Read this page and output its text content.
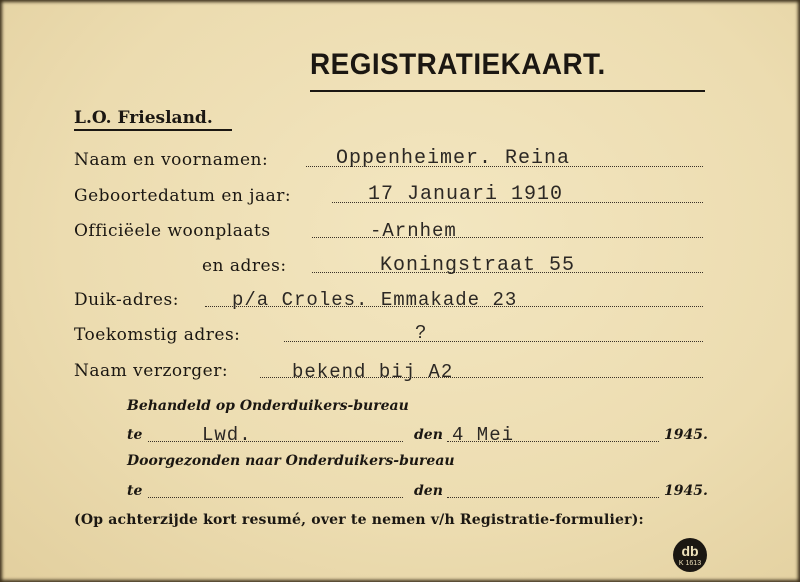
REGISTRATIEKAART.
L.O. Friesland.
Naam en voornamen:	Oppenheimer. Reina
Geboortedatum en jaar:	17 Januari 1910
Officiëele woonplaats	-Arnhem
en adres:	Koningstraat 55
Duik-adres:	p/a Croles. Emmakade 23
Toekomstig adres:	?
Naam verzorger:	bekend bij A2
Behandeld op Onderduikers-bureau
te	Lwd.	den 4 Mei	1945.
Doorgezonden naar Onderduikers-bureau
te	den	1945.
(Op achterzijde kort resumé, over te nemen v/h Registratie-formulier):
db
K 1613
